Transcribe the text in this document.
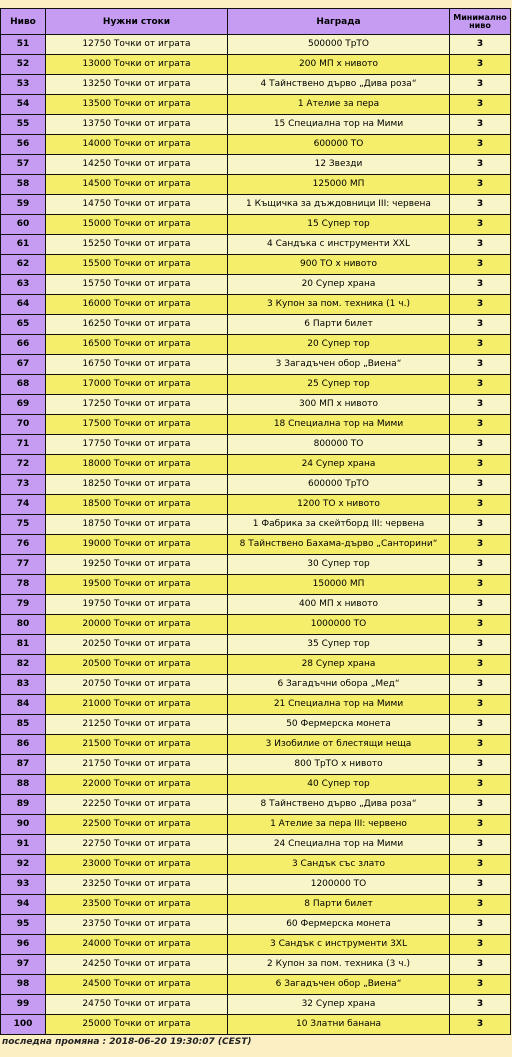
Ниво	Нужни стоки	Награда	Минимално ниво
51	12750 Точки от играта	500000 ТрТО	3
52	13000 Точки от играта	200 МП x нивото	3
53	13250 Точки от играта	4 Тайнствено дърво „Дива роза“	3
54	13500 Точки от играта	1 Ателие за пера	3
55	13750 Точки от играта	15 Специална тор на Мими	3
56	14000 Точки от играта	600000 ТО	3
57	14250 Точки от играта	12 Звезди	3
58	14500 Точки от играта	125000 МП	3
59	14750 Точки от играта	1 Къщичка за дъждовници III: червена	3
60	15000 Точки от играта	15 Супер тор	3
61	15250 Точки от играта	4 Сандъка с инструменти XXL	3
62	15500 Точки от играта	900 ТО x нивото	3
63	15750 Точки от играта	20 Супер храна	3
64	16000 Точки от играта	3 Купон за пом. техника (1 ч.)	3
65	16250 Точки от играта	6 Парти билет	3
66	16500 Точки от играта	20 Супер тор	3
67	16750 Точки от играта	3 Загадъчен обор „Виена“	3
68	17000 Точки от играта	25 Супер тор	3
69	17250 Точки от играта	300 МП x нивото	3
70	17500 Точки от играта	18 Специална тор на Мими	3
71	17750 Точки от играта	800000 ТО	3
72	18000 Точки от играта	24 Супер храна	3
73	18250 Точки от играта	600000 ТрТО	3
74	18500 Точки от играта	1200 ТО x нивото	3
75	18750 Точки от играта	1 Фабрика за скейтборд III: червена	3
76	19000 Точки от играта	8 Тайнствено Бахама-дърво „Санторини“	3
77	19250 Точки от играта	30 Супер тор	3
78	19500 Точки от играта	150000 МП	3
79	19750 Точки от играта	400 МП x нивото	3
80	20000 Точки от играта	1000000 ТО	3
81	20250 Точки от играта	35 Супер тор	3
82	20500 Точки от играта	28 Супер храна	3
83	20750 Точки от играта	6 Загадъчни обора „Мед“	3
84	21000 Точки от играта	21 Специална тор на Мими	3
85	21250 Точки от играта	50 Фермерска монета	3
86	21500 Точки от играта	3 Изобилие от блестящи неща	3
87	21750 Точки от играта	800 ТрТО x нивото	3
88	22000 Точки от играта	40 Супер тор	3
89	22250 Точки от играта	8 Тайнствено дърво „Дива роза“	3
90	22500 Точки от играта	1 Ателие за пера III: червено	3
91	22750 Точки от играта	24 Специална тор на Мими	3
92	23000 Точки от играта	3 Сандък със злато	3
93	23250 Точки от играта	1200000 ТО	3
94	23500 Точки от играта	8 Парти билет	3
95	23750 Точки от играта	60 Фермерска монета	3
96	24000 Точки от играта	3 Сандък с инструменти 3XL	3
97	24250 Точки от играта	2 Купон за пом. техника (3 ч.)	3
98	24500 Точки от играта	6 Загадъчен обор „Виена“	3
99	24750 Точки от играта	32 Супер храна	3
100	25000 Точки от играта	10 Златни банана	3
последна промяна : 2018-06-20 19:30:07 (CEST)
